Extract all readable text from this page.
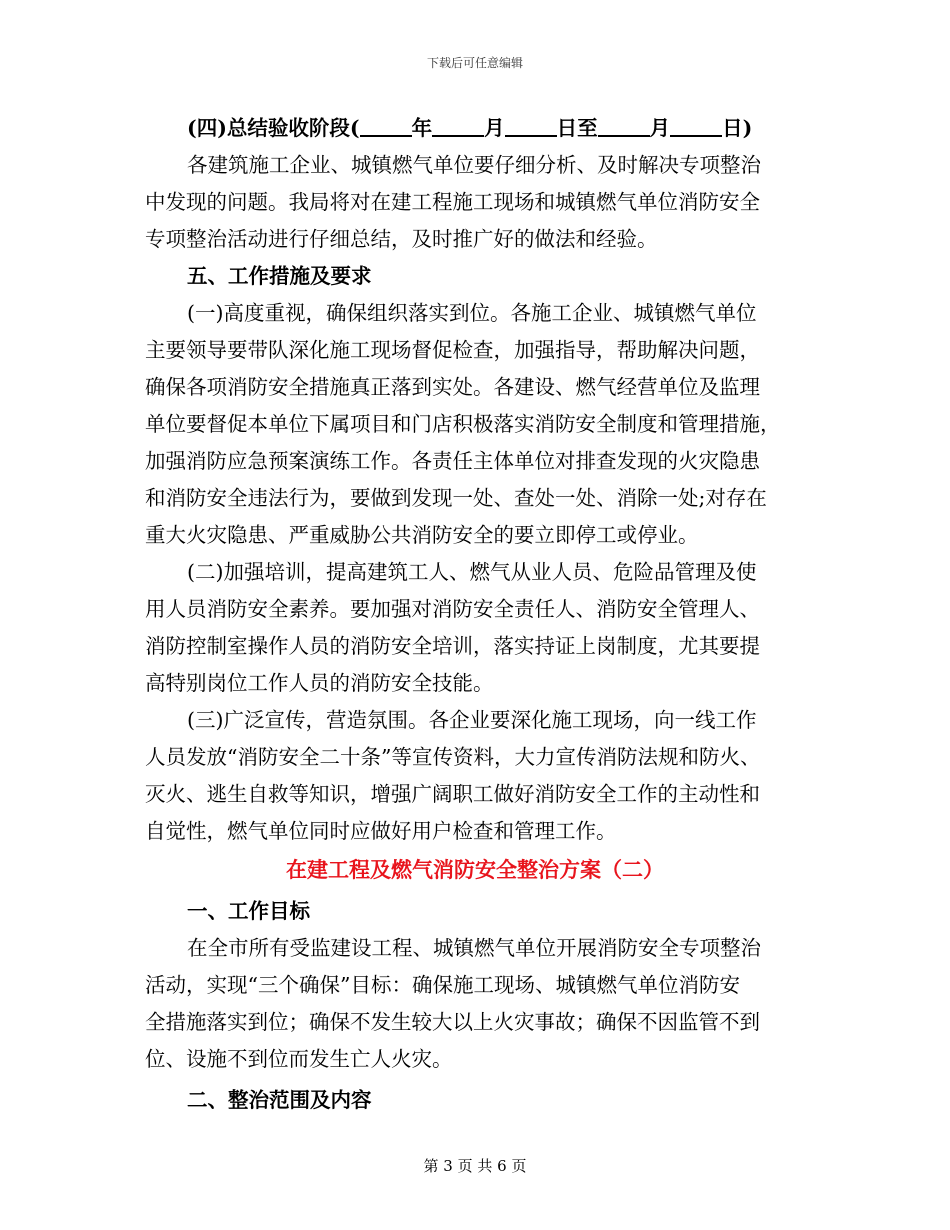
下载后可任意编辑
(四)总结验收阶段(	年	月	日至	月	日)
各建筑施工企业、城镇燃气单位要仔细分析、及时解决专项整治
中发现的问题。我局将对在建工程施工现场和城镇燃气单位消防安全
专项整治活动进行仔细总结，及时推广好的做法和经验。
五、工作措施及要求
(一)高度重视，确保组织落实到位。各施工企业、城镇燃气单位
主要领导要带队深化施工现场督促检查，加强指导，帮助解决问题，
确保各项消防安全措施真正落到实处。各建设、燃气经营单位及监理
单位要督促本单位下属项目和门店积极落实消防安全制度和管理措施，
加强消防应急预案演练工作。各责任主体单位对排查发现的火灾隐患
和消防安全违法行为，要做到发现一处、查处一处、消除一处;对存在
重大火灾隐患、严重威胁公共消防安全的要立即停工或停业。
(二)加强培训，提高建筑工人、燃气从业人员、危险品管理及使
用人员消防安全素养。要加强对消防安全责任人、消防安全管理人、
消防控制室操作人员的消防安全培训，落实持证上岗制度，尤其要提
高特别岗位工作人员的消防安全技能。
(三)广泛宣传，营造氛围。各企业要深化施工现场，向一线工作
人员发放“消防安全二十条”等宣传资料，大力宣传消防法规和防火、
灭火、逃生自救等知识，增强广阔职工做好消防安全工作的主动性和
自觉性，燃气单位同时应做好用户检查和管理工作。
在建工程及燃气消防安全整治方案（二）
一、工作目标
在全市所有受监建设工程、城镇燃气单位开展消防安全专项整治
活动，实现“三个确保”目标：确保施工现场、城镇燃气单位消防安
全措施落实到位；确保不发生较大以上火灾事故；确保不因监管不到
位、设施不到位而发生亡人火灾。
二、整治范围及内容
第 3 页 共 6 页
